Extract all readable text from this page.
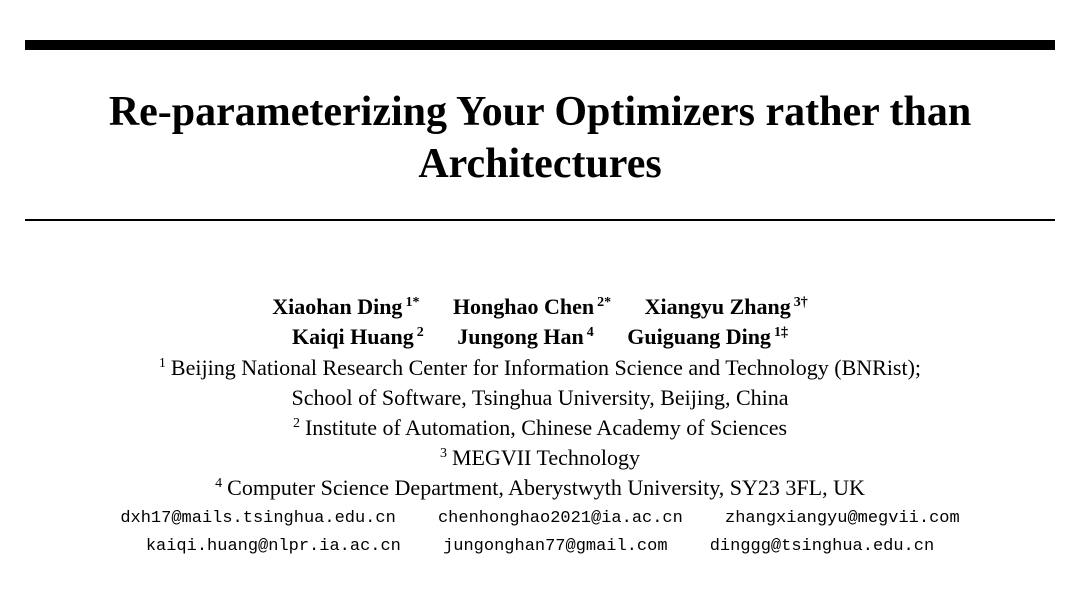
Re-parameterizing Your Optimizers rather than
Architectures
Xiaohan Ding $^{1*}$ Honghao Chen $^{2*}$ Xiangyu Zhang $^{3\dagger}$
Kaiqi Huang $^2$ Jungong Han $^4$ Guiguang Ding $^{1\ddagger}$
$^1$ Beijing National Research Center for Information Science and Technology (BNRist);
School of Software, Tsinghua University, Beijing, China
$^2$ Institute of Automation, Chinese Academy of Sciences
$^3$ MEGVII Technology
$^4$ Computer Science Department, Aberystwyth University, SY23 3FL, UK
dxh17@mails.tsinghua.edu.cn chenhonghao2021@ia.ac.cn zhangxiangyu@megvii.com
kaiqi.huang@nlpr.ia.ac.cn jungonghan77@gmail.com dinggg@tsinghua.edu.cn
